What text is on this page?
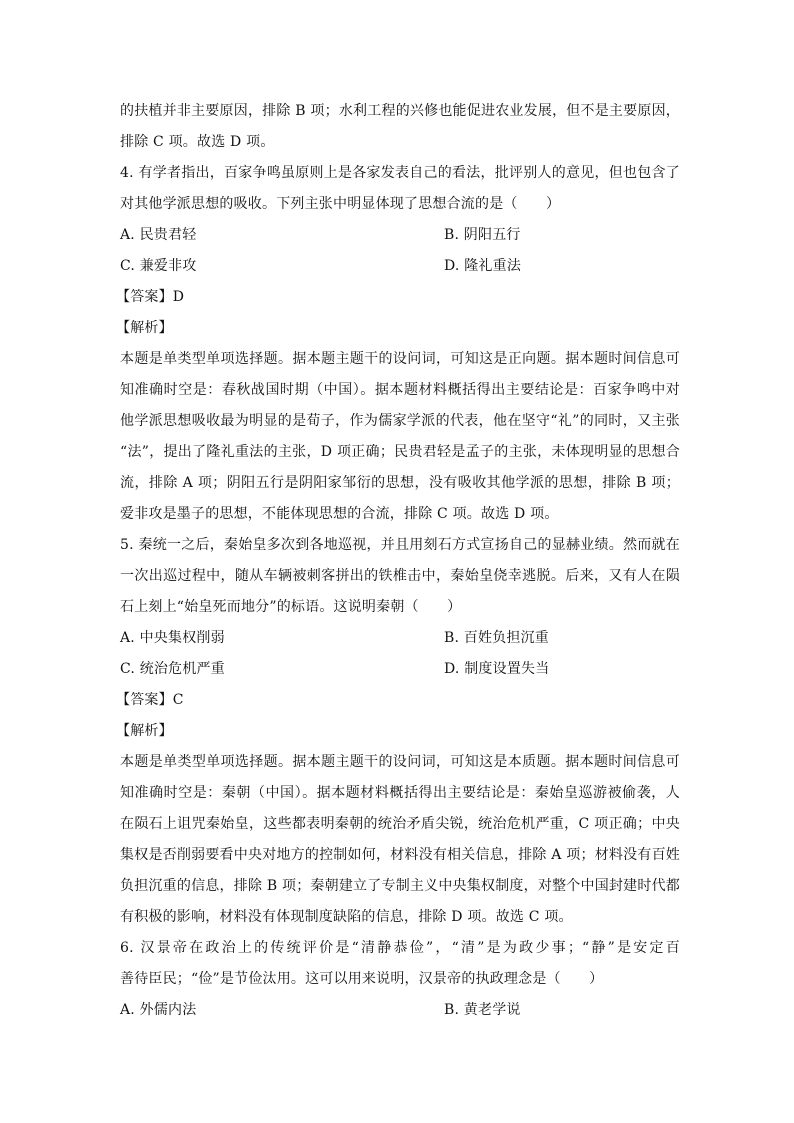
的扶植并非主要原因，排除 B 项；水利工程的兴修也能促进农业发展，但不是主要原因，
排除 C 项。故选 D 项。
4. 有学者指出，百家争鸣虽原则上是各家发表自己的看法，批评别人的意见，但也包含了
对其他学派思想的吸收。下列主张中明显体现了思想合流的是（　　）
A. 民贵君轻	B. 阴阳五行
C. 兼爱非攻	D. 隆礼重法
【答案】D
【解析】
本题是单类型单项选择题。据本题主题干的设问词，可知这是正向题。据本题时间信息可
知准确时空是：春秋战国时期（中国）。据本题材料概括得出主要结论是：百家争鸣中对
他学派思想吸收最为明显的是荀子，作为儒家学派的代表，他在坚守“礼”的同时，又主张
“法”，提出了隆礼重法的主张，D 项正确；民贵君轻是孟子的主张，未体现明显的思想合
流，排除 A 项；阴阳五行是阴阳家邹衍的思想，没有吸收其他学派的思想，排除 B 项；
爱非攻是墨子的思想，不能体现思想的合流，排除 C 项。故选 D 项。
5. 秦统一之后，秦始皇多次到各地巡视，并且用刻石方式宣扬自己的显赫业绩。然而就在
一次出巡过程中，随从车辆被刺客拼出的铁椎击中，秦始皇侥幸逃脱。后来，又有人在陨
石上刻上“始皇死而地分”的标语。这说明秦朝（　　）
A. 中央集权削弱	B. 百姓负担沉重
C. 统治危机严重	D. 制度设置失当
【答案】C
【解析】
本题是单类型单项选择题。据本题主题干的设问词，可知这是本质题。据本题时间信息可
知准确时空是：秦朝（中国）。据本题材料概括得出主要结论是：秦始皇巡游被偷袭，人
在陨石上诅咒秦始皇，这些都表明秦朝的统治矛盾尖锐，统治危机严重，C 项正确；中央
集权是否削弱要看中央对地方的控制如何，材料没有相关信息，排除 A 项；材料没有百姓
负担沉重的信息，排除 B 项；秦朝建立了专制主义中央集权制度，对整个中国封建时代都
有积极的影响，材料没有体现制度缺陷的信息，排除 D 项。故选 C 项。
6. 汉景帝在政治上的传统评价是“清静恭俭”，“清”是为政少事；“静”是安定百
善待臣民；“俭”是节俭汰用。这可以用来说明，汉景帝的执政理念是（　　）
A. 外儒内法	B. 黄老学说
